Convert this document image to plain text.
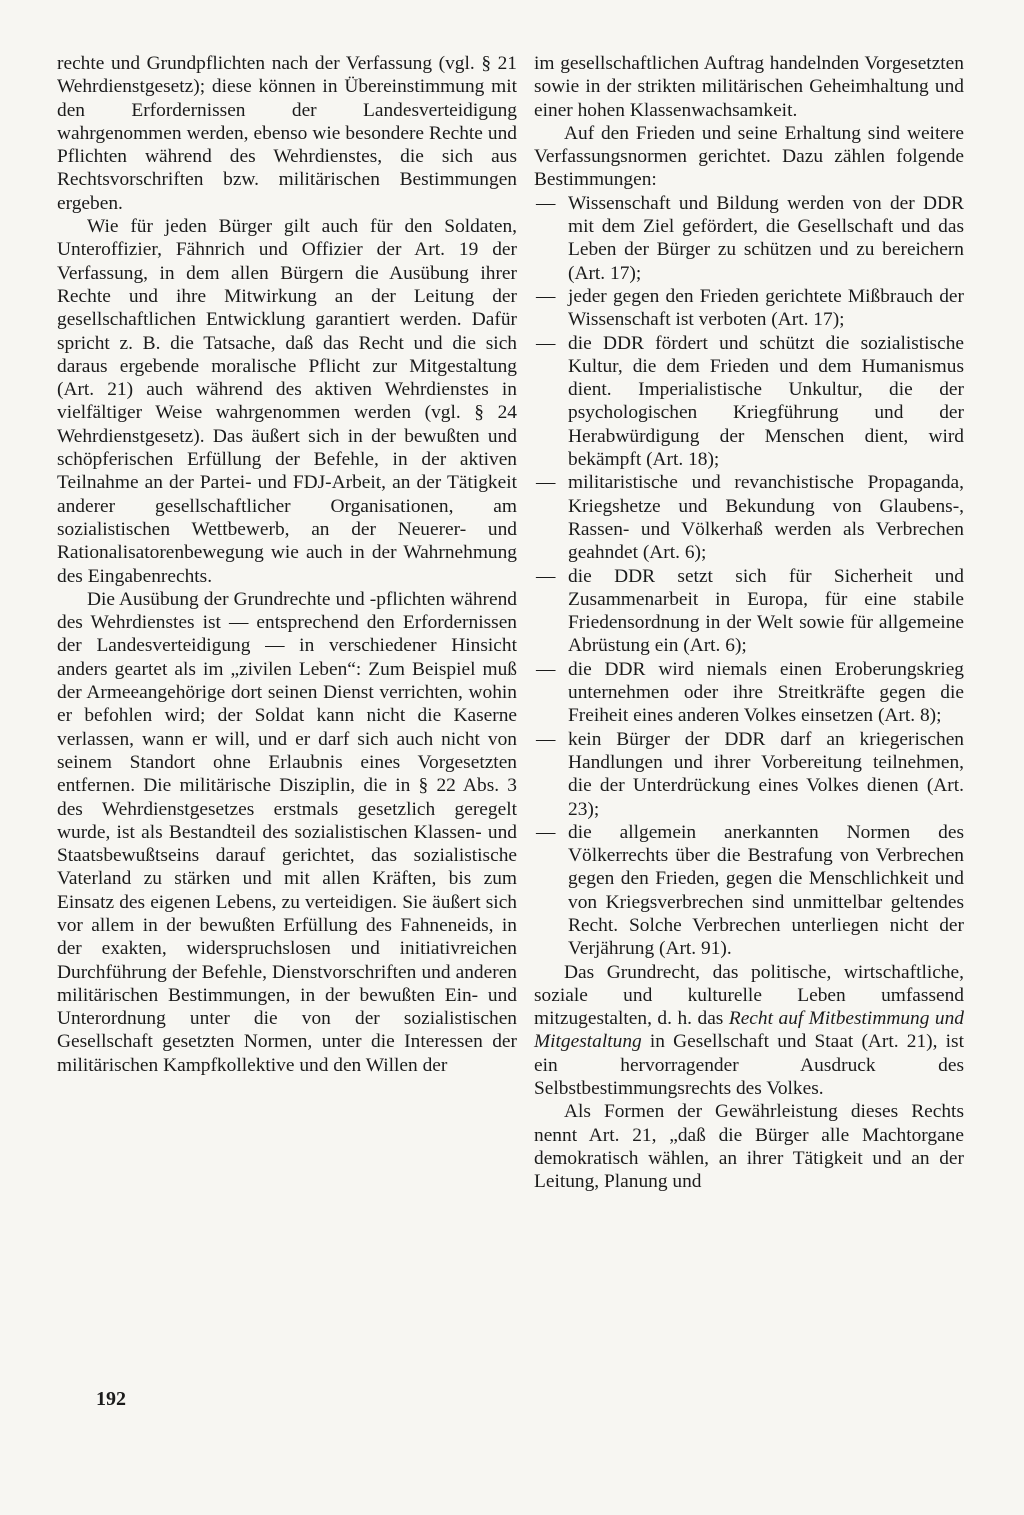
rechte und Grundpflichten nach der Verfassung (vgl. § 21 Wehrdienstgesetz); diese können in Übereinstimmung mit den Erfordernissen der Landesverteidigung wahrgenommen werden, ebenso wie besondere Rechte und Pflichten während des Wehrdienstes, die sich aus Rechtsvorschriften bzw. militärischen Bestimmungen ergeben.

Wie für jeden Bürger gilt auch für den Soldaten, Unteroffizier, Fähnrich und Offizier der Art. 19 der Verfassung, in dem allen Bürgern die Ausübung ihrer Rechte und ihre Mitwirkung an der Leitung der gesellschaftlichen Entwicklung garantiert werden. Dafür spricht z. B. die Tatsache, daß das Recht und die sich daraus ergebende moralische Pflicht zur Mitgestaltung (Art. 21) auch während des aktiven Wehrdienstes in vielfältiger Weise wahrgenommen werden (vgl. § 24 Wehrdienstgesetz). Das äußert sich in der bewußten und schöpferischen Erfüllung der Befehle, in der aktiven Teilnahme an der Partei- und FDJ-Arbeit, an der Tätigkeit anderer gesellschaftlicher Organisationen, am sozialistischen Wettbewerb, an der Neuerer- und Rationalisatorenbewegung wie auch in der Wahrnehmung des Eingabenrechts.

Die Ausübung der Grundrechte und -pflichten während des Wehrdienstes ist — entsprechend den Erfordernissen der Landesverteidigung — in verschiedener Hinsicht anders geartet als im „zivilen Leben“: Zum Beispiel muß der Armeeangehörige dort seinen Dienst verrichten, wohin er befohlen wird; der Soldat kann nicht die Kaserne verlassen, wann er will, und er darf sich auch nicht von seinem Standort ohne Erlaubnis eines Vorgesetzten entfernen. Die militärische Disziplin, die in § 22 Abs. 3 des Wehrdienstgesetzes erstmals gesetzlich geregelt wurde, ist als Bestandteil des sozialistischen Klassen- und Staatsbewußtseins darauf gerichtet, das sozialistische Vaterland zu stärken und mit allen Kräften, bis zum Einsatz des eigenen Lebens, zu verteidigen. Sie äußert sich vor allem in der bewußten Erfüllung des Fahneneids, in der exakten, widerspruchslosen und initiativreichen Durchführung der Befehle, Dienstvorschriften und anderen militärischen Bestimmungen, in der bewußten Ein- und Unterordnung unter die von der sozialistischen Gesellschaft gesetzten Normen, unter die Interessen der militärischen Kampfkollektive und den Willen der

im gesellschaftlichen Auftrag handelnden Vorgesetzten sowie in der strikten militärischen Geheimhaltung und einer hohen Klassenwachsamkeit.

Auf den Frieden und seine Erhaltung sind weitere Verfassungsnormen gerichtet. Dazu zählen folgende Bestimmungen:

— Wissenschaft und Bildung werden von der DDR mit dem Ziel gefördert, die Gesellschaft und das Leben der Bürger zu schützen und zu bereichern (Art. 17);
— jeder gegen den Frieden gerichtete Mißbrauch der Wissenschaft ist verboten (Art. 17);
— die DDR fördert und schützt die sozialistische Kultur, die dem Frieden und dem Humanismus dient. Imperialistische Unkultur, die der psychologischen Kriegführung und der Herabwürdigung der Menschen dient, wird bekämpft (Art. 18);
— militaristische und revanchistische Propaganda, Kriegshetze und Bekundung von Glaubens-, Rassen- und Völkerhaß werden als Verbrechen geahndet (Art. 6);
— die DDR setzt sich für Sicherheit und Zusammenarbeit in Europa, für eine stabile Friedensordnung in der Welt sowie für allgemeine Abrüstung ein (Art. 6);
— die DDR wird niemals einen Eroberungskrieg unternehmen oder ihre Streitkräfte gegen die Freiheit eines anderen Volkes einsetzen (Art. 8);
— kein Bürger der DDR darf an kriegerischen Handlungen und ihrer Vorbereitung teilnehmen, die der Unterdrückung eines Volkes dienen (Art. 23);
— die allgemein anerkannten Normen des Völkerrechts über die Bestrafung von Verbrechen gegen den Frieden, gegen die Menschlichkeit und von Kriegsverbrechen sind unmittelbar geltendes Recht. Solche Verbrechen unterliegen nicht der Verjährung (Art. 91).

Das Grundrecht, das politische, wirtschaftliche, soziale und kulturelle Leben umfassend mitzugestalten, d. h. das Recht auf Mitbestimmung und Mitgestaltung in Gesellschaft und Staat (Art. 21), ist ein hervorragender Ausdruck des Selbstbestimmungsrechts des Volkes.

Als Formen der Gewährleistung dieses Rechts nennt Art. 21, „daß die Bürger alle Machtorgane demokratisch wählen, an ihrer Tätigkeit und an der Leitung, Planung und

192
